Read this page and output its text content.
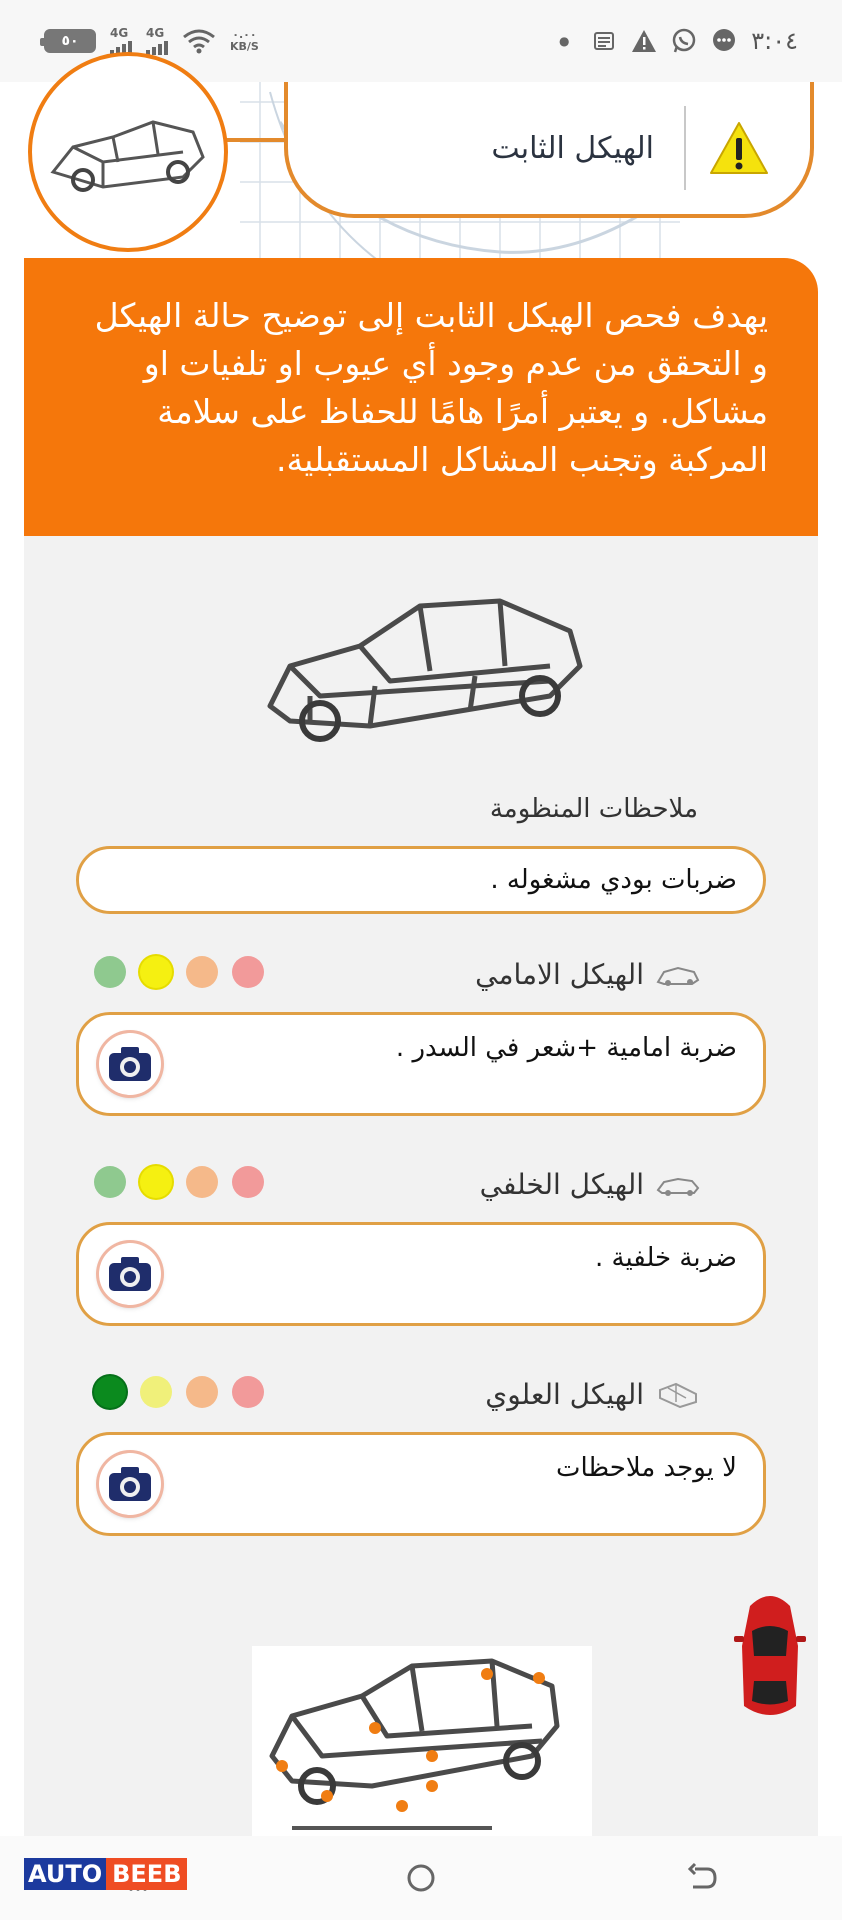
٥٠	4G 4G	٠.٠٠
KB/S	●	٣:٠٤
الهيكل الثابت

يهدف فحص الهيكل الثابت إلى توضيح حالة الهيكل و التحقق من عدم وجود أي عيوب او تلفيات او مشاكل. و يعتبر أمرًا هامًا للحفاظ على سلامة المركبة وتجنب المشاكل المستقبلية.

ملاحظات المنظومة
ضربات بودي مشغوله .
الهيكل الامامي
ضربة امامية +شعر في السدر .
الهيكل الخلفي
ضربة خلفية .
الهيكل العلوي
لا يوجد ملاحظات
AUTO BEEB
